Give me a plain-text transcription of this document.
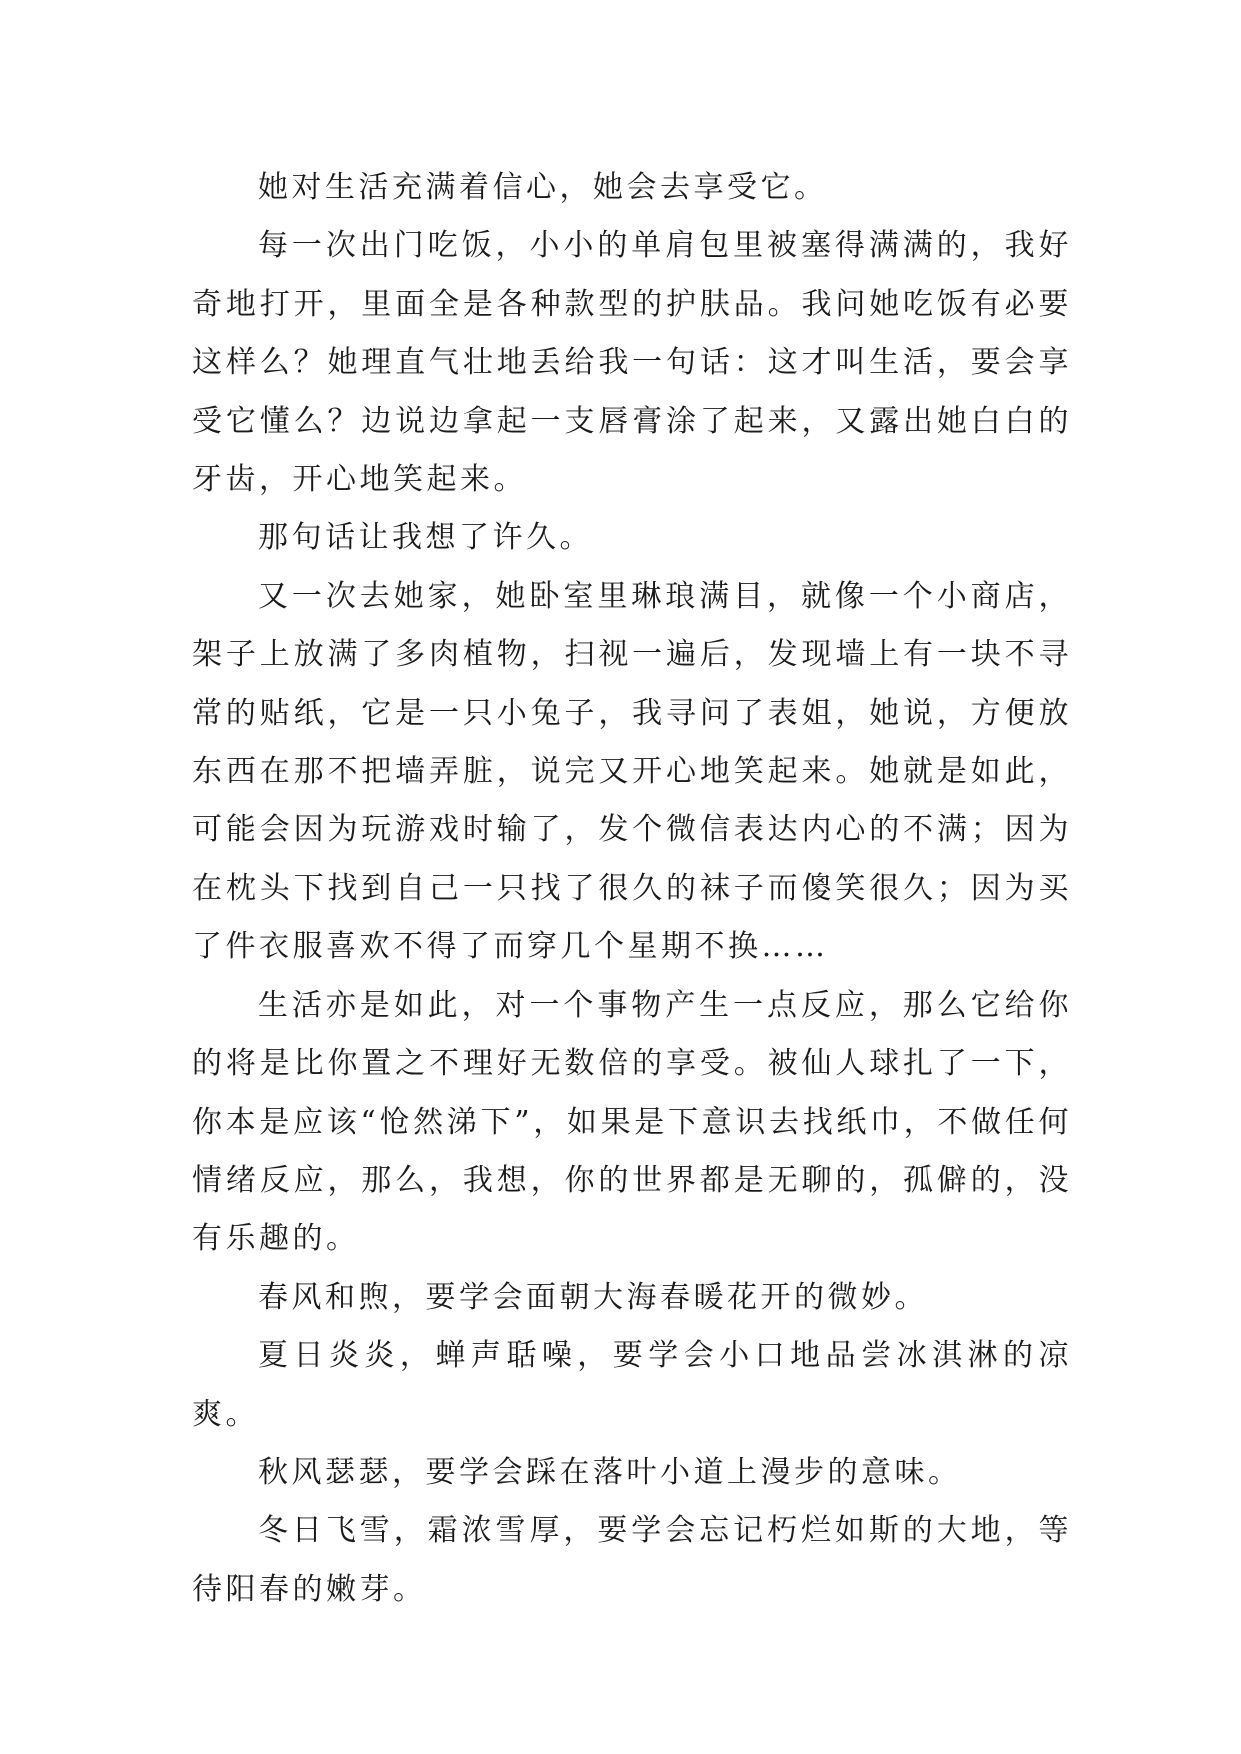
她对生活充满着信心，她会去享受它。

每一次出门吃饭，小小的单肩包里被塞得满满的，我好奇地打开，里面全是各种款型的护肤品。我问她吃饭有必要这样么？她理直气壮地丢给我一句话：这才叫生活，要会享受它懂么？边说边拿起一支唇膏涂了起来，又露出她白白的牙齿，开心地笑起来。

那句话让我想了许久。

又一次去她家，她卧室里琳琅满目，就像一个小商店，架子上放满了多肉植物，扫视一遍后，发现墙上有一块不寻常的贴纸，它是一只小兔子，我寻问了表姐，她说，方便放东西在那不把墙弄脏，说完又开心地笑起来。她就是如此，可能会因为玩游戏时输了，发个微信表达内心的不满；因为在枕头下找到自己一只找了很久的袜子而傻笑很久；因为买了件衣服喜欢不得了而穿几个星期不换……

生活亦是如此，对一个事物产生一点反应，那么它给你的将是比你置之不理好无数倍的享受。被仙人球扎了一下，你本是应该“怆然涕下”，如果是下意识去找纸巾，不做任何情绪反应，那么，我想，你的世界都是无聊的，孤僻的，没有乐趣的。

春风和煦，要学会面朝大海春暖花开的微妙。

夏日炎炎，蝉声聒噪，要学会小口地品尝冰淇淋的凉爽。

秋风瑟瑟，要学会踩在落叶小道上漫步的意味。

冬日飞雪，霜浓雪厚，要学会忘记朽烂如斯的大地，等待阳春的嫩芽。
